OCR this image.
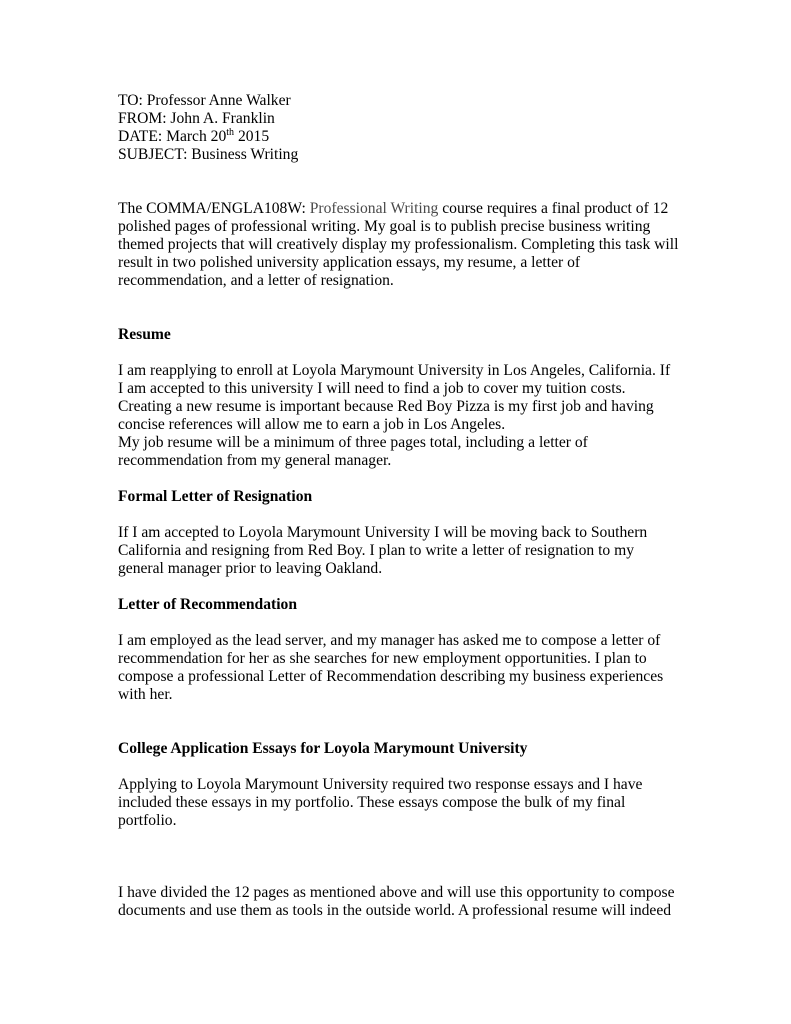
TO: Professor Anne Walker
FROM: John A. Franklin
DATE: March 20th 2015
SUBJECT: Business Writing
The COMMA/ENGLA108W: Professional Writing course requires a final product of 12
polished pages of professional writing. My goal is to publish precise business writing
themed projects that will creatively display my professionalism. Completing this task will
result in two polished university application essays, my resume, a letter of
recommendation, and a letter of resignation.
Resume
I am reapplying to enroll at Loyola Marymount University in Los Angeles, California. If
I am accepted to this university I will need to find a job to cover my tuition costs.
Creating a new resume is important because Red Boy Pizza is my first job and having
concise references will allow me to earn a job in Los Angeles.
My job resume will be a minimum of three pages total, including a letter of
recommendation from my general manager.
Formal Letter of Resignation
If I am accepted to Loyola Marymount University I will be moving back to Southern
California and resigning from Red Boy. I plan to write a letter of resignation to my
general manager prior to leaving Oakland.
Letter of Recommendation
I am employed as the lead server, and my manager has asked me to compose a letter of
recommendation for her as she searches for new employment opportunities. I plan to
compose a professional Letter of Recommendation describing my business experiences
with her.
College Application Essays for Loyola Marymount University
Applying to Loyola Marymount University required two response essays and I have
included these essays in my portfolio. These essays compose the bulk of my final
portfolio.
I have divided the 12 pages as mentioned above and will use this opportunity to compose
documents and use them as tools in the outside world. A professional resume will indeed
